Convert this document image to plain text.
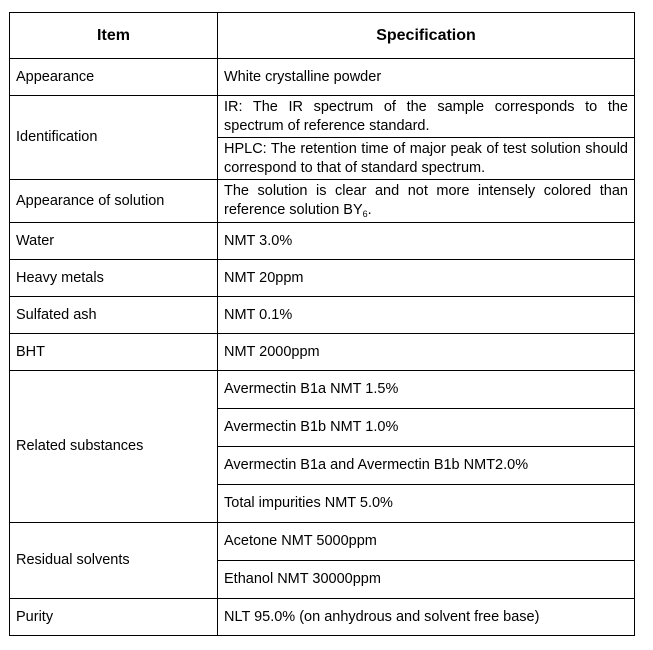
Item	Specification
Appearance	White crystalline powder
Identification	IR: The IR spectrum of the sample corresponds to the spectrum of reference standard.
	HPLC: The retention time of major peak of test solution should correspond to that of standard spectrum.
Appearance of solution	The solution is clear and not more intensely colored than reference solution $BY_6$.
Water	NMT 3.0%
Heavy metals	NMT 20ppm
Sulfated ash	NMT 0.1%
BHT	NMT 2000ppm
Related substances	Avermectin B1a NMT 1.5%
	Avermectin B1b NMT 1.0%
	Avermectin B1a and Avermectin B1b NMT2.0%
	Total impurities NMT 5.0%
Residual solvents	Acetone NMT 5000ppm
	Ethanol NMT 30000ppm
Purity	NLT 95.0% (on anhydrous and solvent free base)
